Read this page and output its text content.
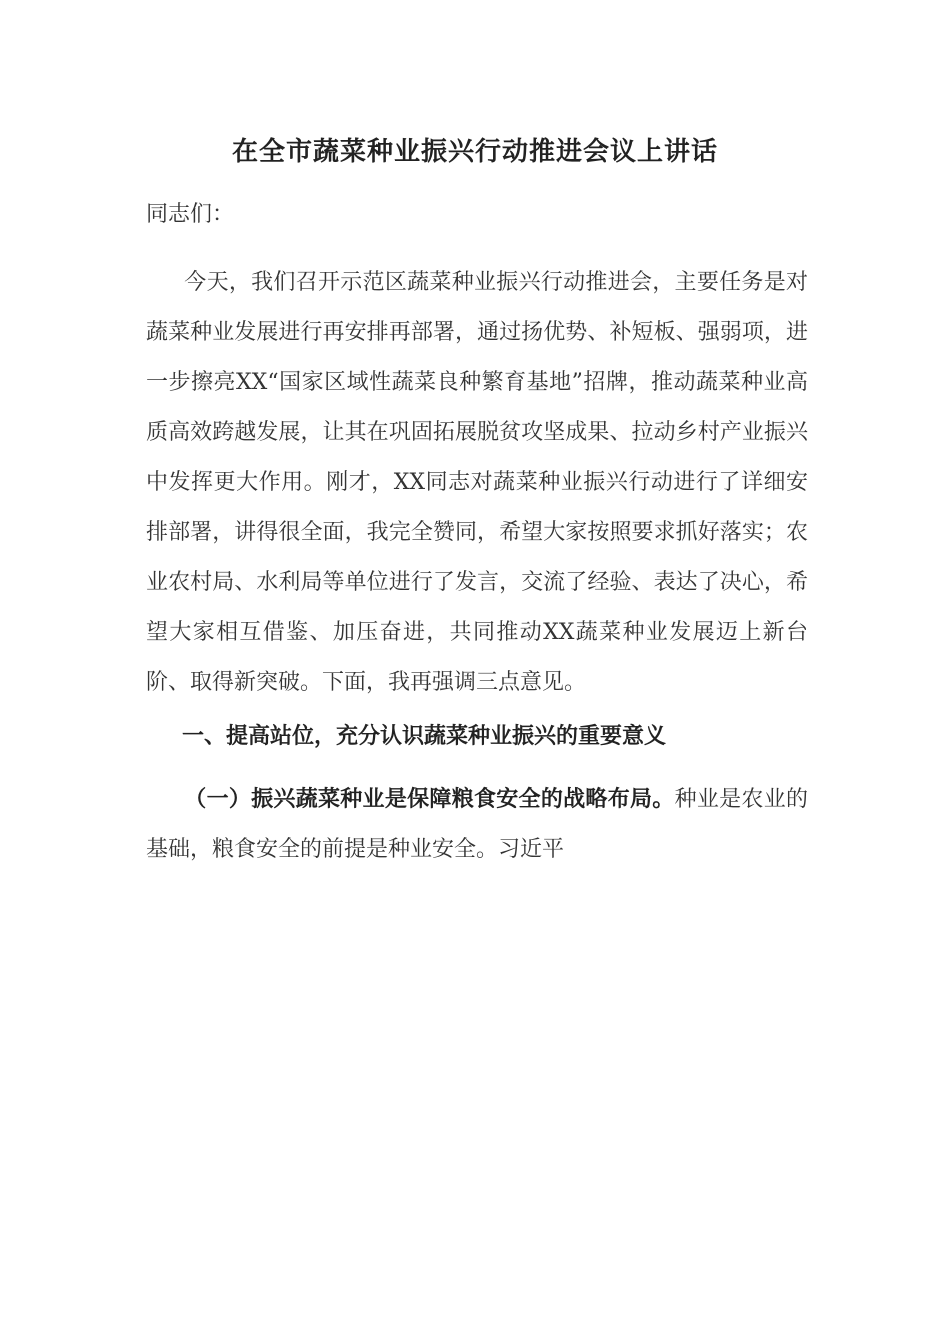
在全市蔬菜种业振兴行动推进会议上讲话

同志们：

今天，我们召开示范区蔬菜种业振兴行动推进会，主要任务是对蔬菜种业发展进行再安排再部署，通过扬优势、补短板、强弱项，进一步擦亮XX“国家区域性蔬菜良种繁育基地”招牌，推动蔬菜种业高质高效跨越发展，让其在巩固拓展脱贫攻坚成果、拉动乡村产业振兴中发挥更大作用。刚才，XX同志对蔬菜种业振兴行动进行了详细安排部署，讲得很全面，我完全赞同，希望大家按照要求抓好落实；农业农村局、水利局等单位进行了发言，交流了经验、表达了决心，希望大家相互借鉴、加压奋进，共同推动XX蔬菜种业发展迈上新台阶、取得新突破。下面，我再强调三点意见。

一、提高站位，充分认识蔬菜种业振兴的重要意义

（一）振兴蔬菜种业是保障粮食安全的战略布局。种业是农业的基础，粮食安全的前提是种业安全。习近平
